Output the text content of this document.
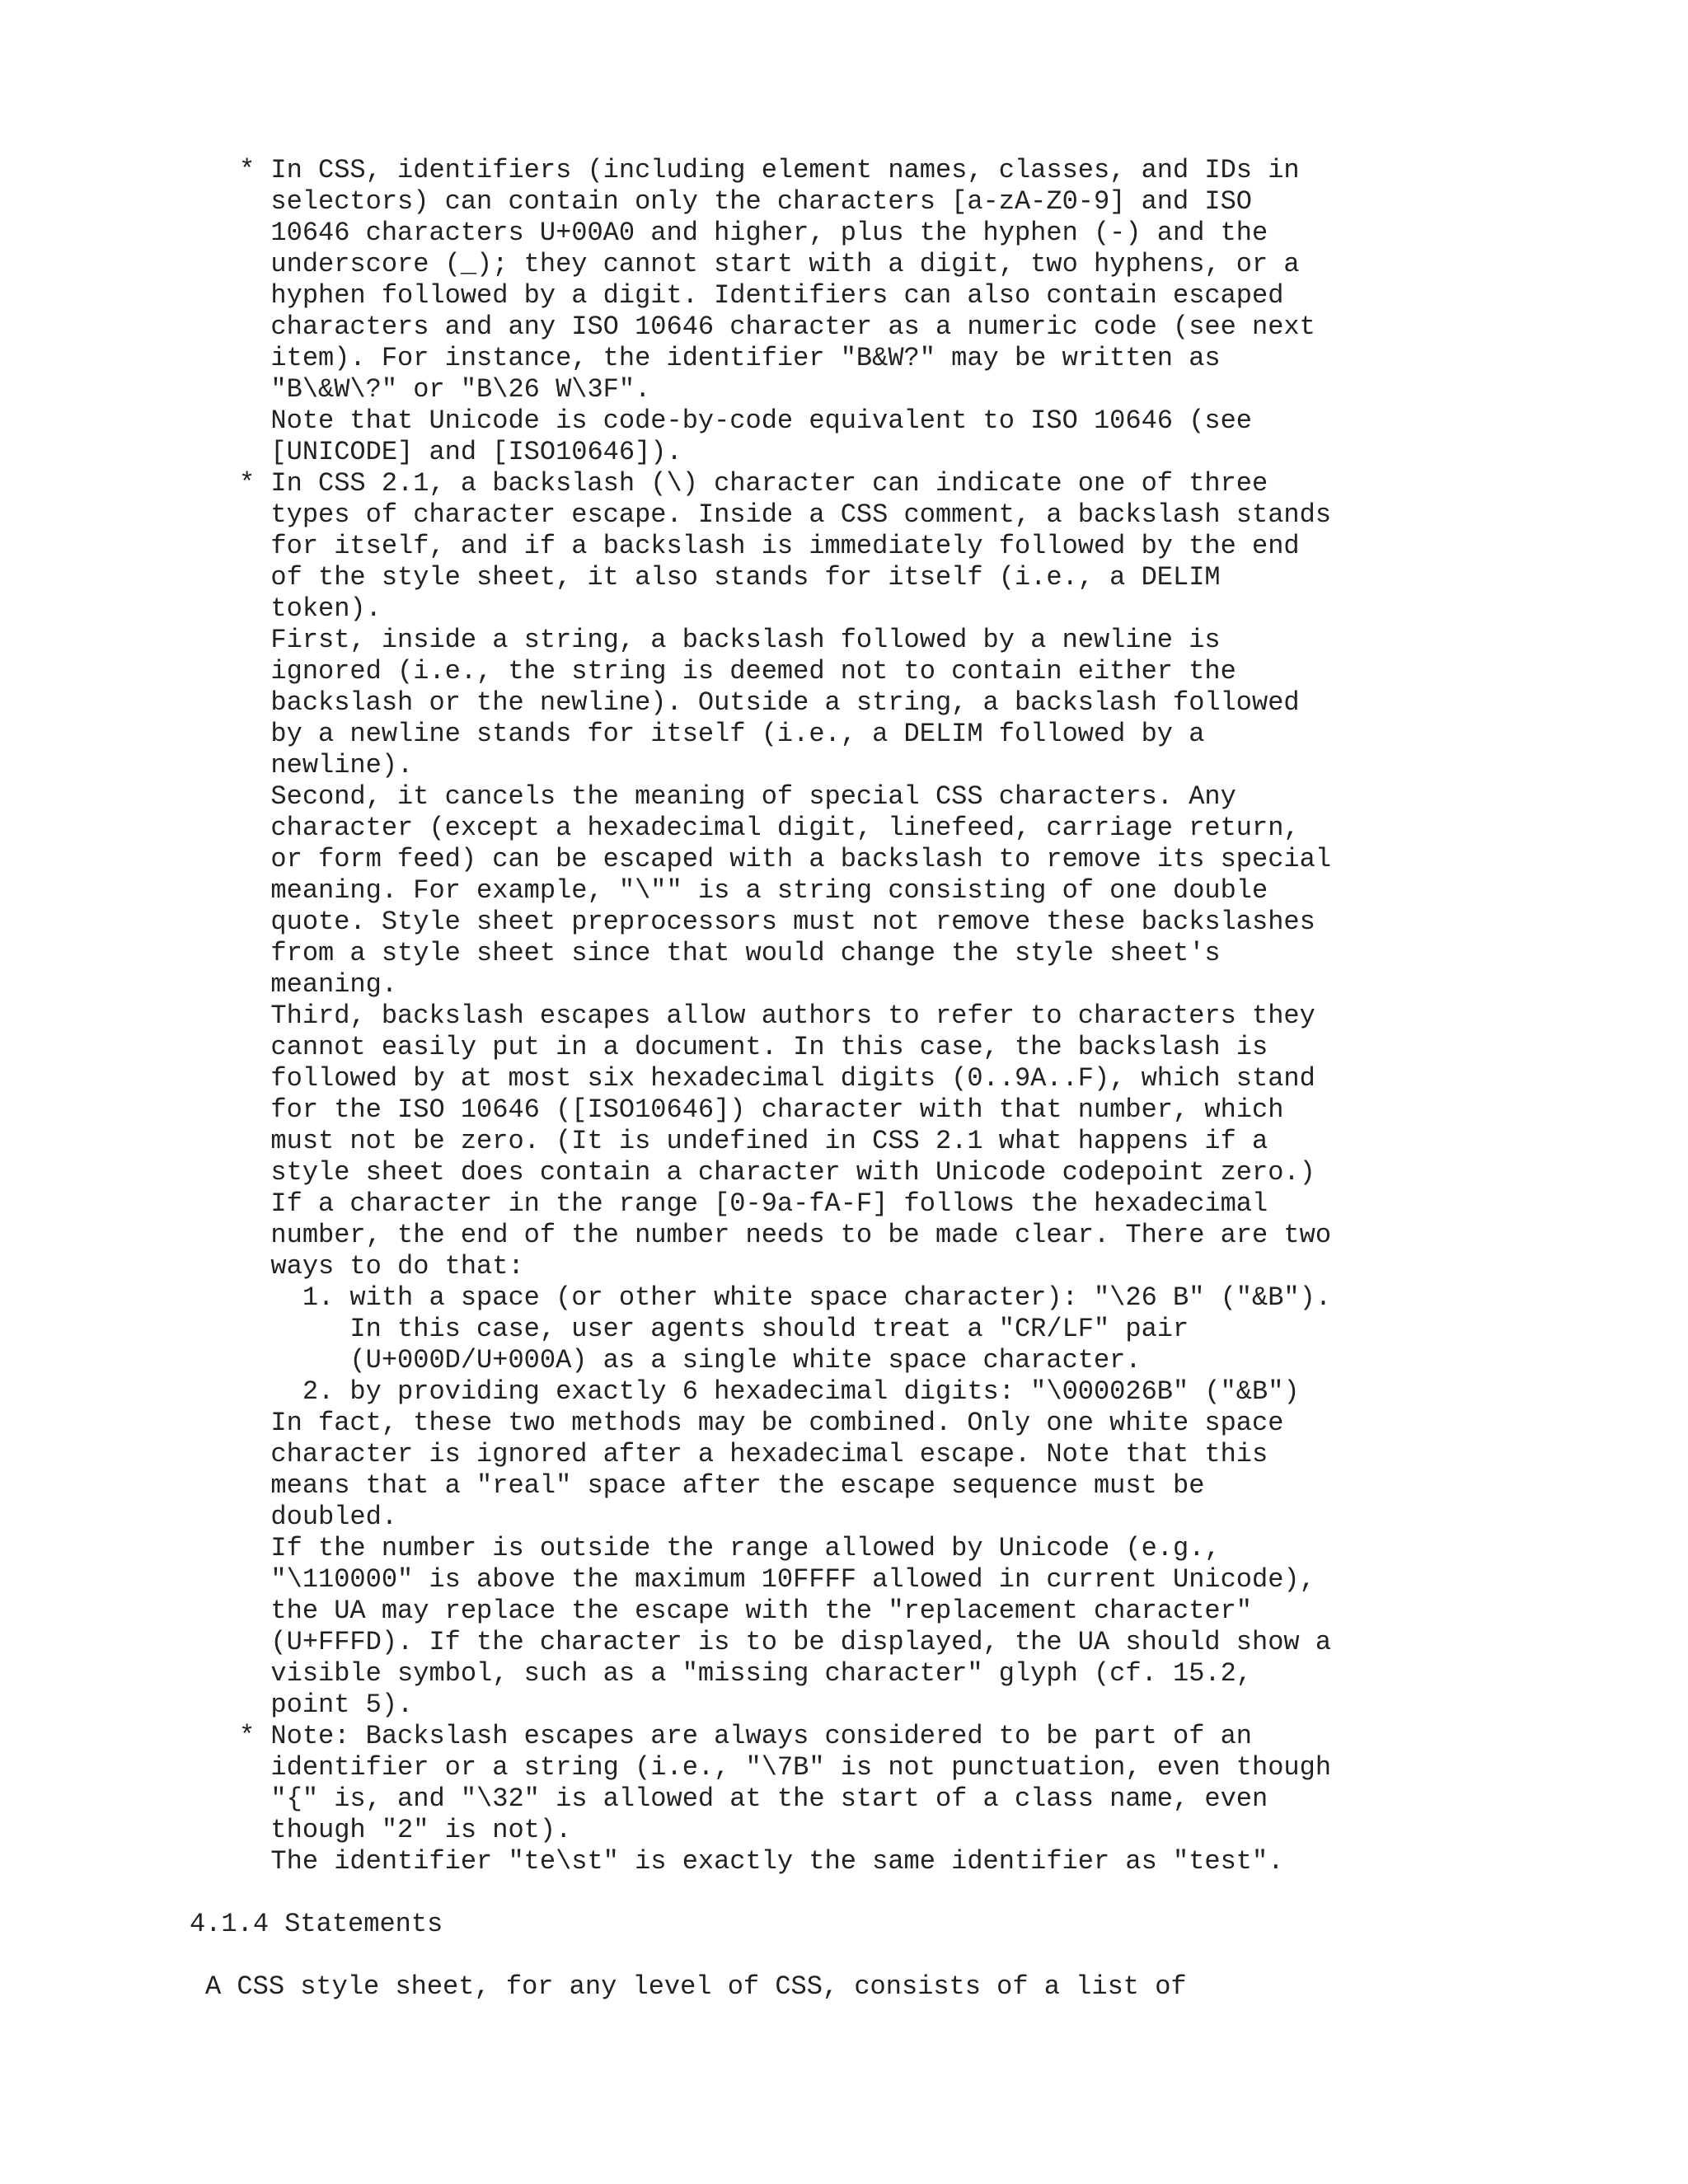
* In CSS, identifiers (including element names, classes, and IDs in
selectors) can contain only the characters [a-zA-Z0-9] and ISO
10646 characters U+00A0 and higher, plus the hyphen (-) and the
underscore (_); they cannot start with a digit, two hyphens, or a
hyphen followed by a digit. Identifiers can also contain escaped
characters and any ISO 10646 character as a numeric code (see next
item). For instance, the identifier "B&W?" may be written as
"B\&W\?" or "B\26 W\3F".
Note that Unicode is code-by-code equivalent to ISO 10646 (see
[UNICODE] and [ISO10646]).
* In CSS 2.1, a backslash (\) character can indicate one of three
types of character escape. Inside a CSS comment, a backslash stands
for itself, and if a backslash is immediately followed by the end
of the style sheet, it also stands for itself (i.e., a DELIM
token).
First, inside a string, a backslash followed by a newline is
ignored (i.e., the string is deemed not to contain either the
backslash or the newline). Outside a string, a backslash followed
by a newline stands for itself (i.e., a DELIM followed by a
newline).
Second, it cancels the meaning of special CSS characters. Any
character (except a hexadecimal digit, linefeed, carriage return,
or form feed) can be escaped with a backslash to remove its special
meaning. For example, "\"" is a string consisting of one double
quote. Style sheet preprocessors must not remove these backslashes
from a style sheet since that would change the style sheet's
meaning.
Third, backslash escapes allow authors to refer to characters they
cannot easily put in a document. In this case, the backslash is
followed by at most six hexadecimal digits (0..9A..F), which stand
for the ISO 10646 ([ISO10646]) character with that number, which
must not be zero. (It is undefined in CSS 2.1 what happens if a
style sheet does contain a character with Unicode codepoint zero.)
If a character in the range [0-9a-fA-F] follows the hexadecimal
number, the end of the number needs to be made clear. There are two
ways to do that:
1. with a space (or other white space character): "\26 B" ("&B").
In this case, user agents should treat a "CR/LF" pair
(U+000D/U+000A) as a single white space character.
2. by providing exactly 6 hexadecimal digits: "\000026B" ("&B")
In fact, these two methods may be combined. Only one white space
character is ignored after a hexadecimal escape. Note that this
means that a "real" space after the escape sequence must be
doubled.
If the number is outside the range allowed by Unicode (e.g.,
"\110000" is above the maximum 10FFFF allowed in current Unicode),
the UA may replace the escape with the "replacement character"
(U+FFFD). If the character is to be displayed, the UA should show a
visible symbol, such as a "missing character" glyph (cf. 15.2,
point 5).
* Note: Backslash escapes are always considered to be part of an
identifier or a string (i.e., "\7B" is not punctuation, even though
"{" is, and "\32" is allowed at the start of a class name, even
though "2" is not).
The identifier "te\st" is exactly the same identifier as "test".
4.1.4 Statements
A CSS style sheet, for any level of CSS, consists of a list of
